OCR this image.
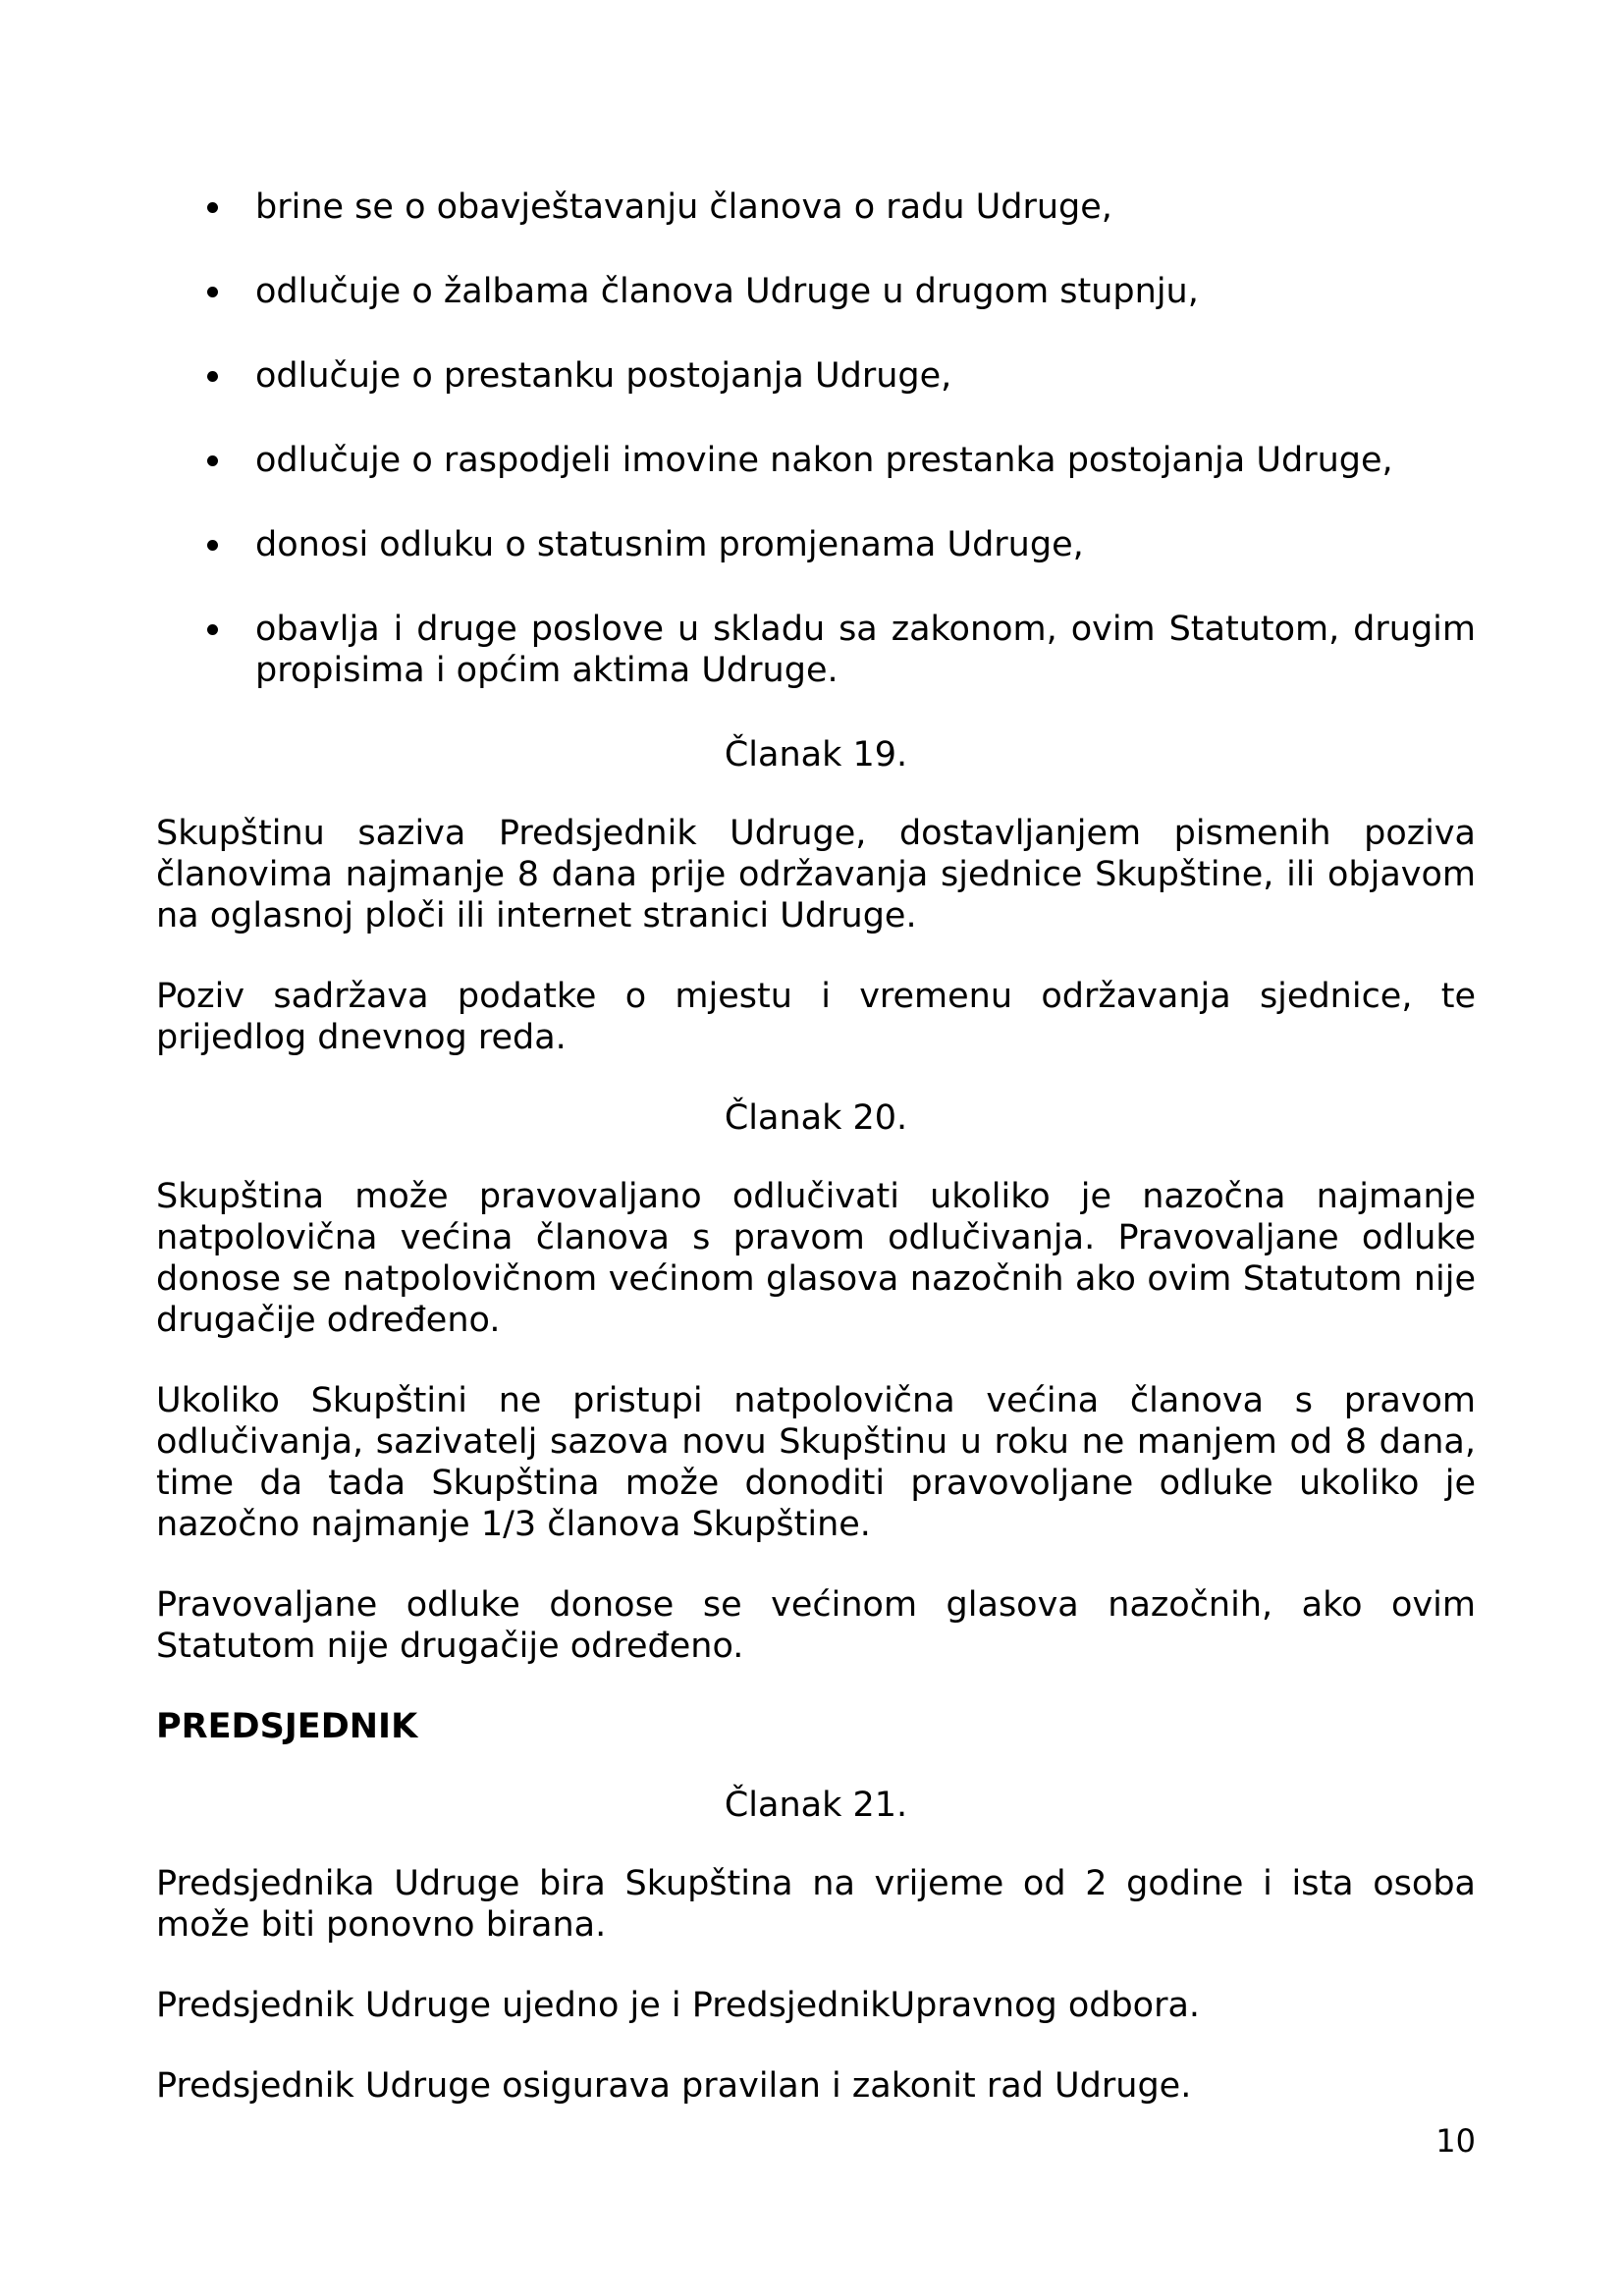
brine se o obavještavanju članova o radu Udruge,
odlučuje o žalbama članova Udruge u drugom stupnju,
odlučuje o prestanku postojanja Udruge,
odlučuje o raspodjeli imovine nakon prestanka postojanja Udruge,
donosi odluku o statusnim promjenama Udruge,
obavlja i druge poslove u skladu sa zakonom, ovim Statutom, drugim propisima i općim aktima Udruge.
Članak 19.

Skupštinu saziva Predsjednik Udruge, dostavljanjem pismenih poziva članovima najmanje 8 dana prije održavanja sjednice Skupštine, ili objavom na oglasnoj ploči ili internet stranici Udruge.

Poziv sadržava podatke o mjestu i vremenu održavanja sjednice, te prijedlog dnevnog reda.

Članak 20.

Skupština može pravovaljano odlučivati ukoliko je nazočna najmanje natpolovična većina članova s pravom odlučivanja. Pravovaljane odluke donose se natpolovičnom većinom glasova nazočnih ako ovim Statutom nije drugačije određeno.

Ukoliko Skupštini ne pristupi natpolovična većina članova s pravom odlučivanja, sazivatelj sazova novu Skupštinu u roku ne manjem od 8 dana, time da tada Skupština može donoditi pravovoljane odluke ukoliko je nazočno najmanje 1/3 članova Skupštine.

Pravovaljane odluke donose se većinom glasova nazočnih, ako ovim Statutom nije drugačije određeno.

PREDSJEDNIK
Članak 21.

Predsjednika Udruge bira Skupština na vrijeme od 2 godine i ista osoba može biti ponovno birana.

Predsjednik Udruge ujedno je i PredsjednikUpravnog odbora.

Predsjednik Udruge osigurava pravilan i zakonit rad Udruge.

10
